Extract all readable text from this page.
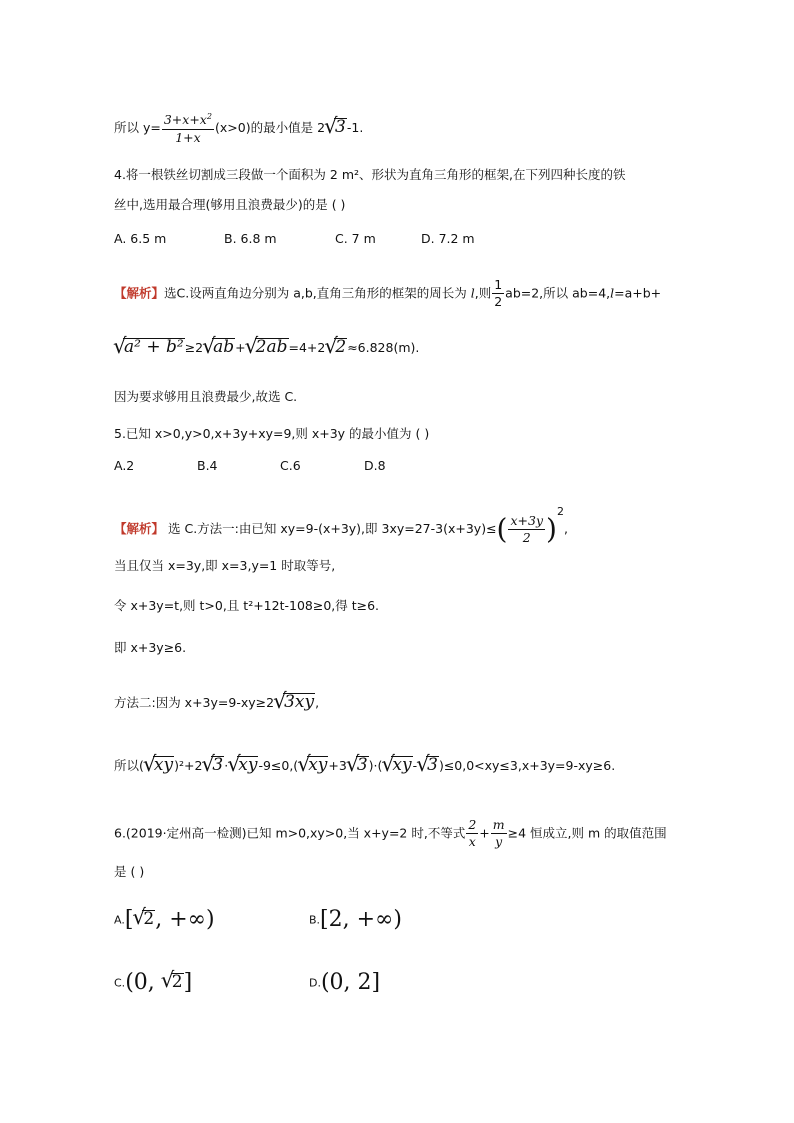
所以 $y= \frac{3+x+x^2}{1+x} (x>0)$的最小值是 2 √ 3-1.
4.将一根铁丝切割成三段做一个面积为 2 m²、形状为直角三角形的框架,在下列四种长度的铁
丝中,选用最合理(够用且浪费最少)的是 ( )
A. 6.5 m	B. 6.8 m	C. 7 m	D. 7.2 m
【解析】选C.设两直角边分别为 a,b,直角三角形的框架的周长为 l,则 $\frac{1}{2} ab=2$,所以 ab=4,l=a+b+
√ a² + b²≥2 √ ab+ √ 2ab=4+2 √ 2≈6.828(m).
因为要求够用且浪费最少,故选 C.
5.已知 x>0,y>0,x+3y+xy=9,则 x+3y 的最小值为 ( )
A.2	B.4	C.6	D.8
【解析】 选 C.方法一:由已知 xy=9-(x+3y),即 $3xy=27-3(x+3y)\le( \frac{x+3y}{2} )2$,
当且仅当 x=3y,即 x=3,y=1 时取等号,
令 x+3y=t,则 t>0,且 t²+12t-108≥0,得 t≥6.
即 x+3y≥6.
方法二:因为 x+3y=9-xy≥2 √ 3xy,
所以( √ xy)²+2 √ 3· √ xy-9≤0,( √ xy+3 √ 3)·( √ xy- √ 3)≤0,0<xy≤3,x+3y=9-xy≥6.
6.(2019·定州高一检测)已知 m>0,xy>0,当 x+y=2 时,不等式 $\frac{2}{x} + \frac{m}{y} \ge 4$ 恒成立,则 m 的取值范围
是 ( )
A.[ √ 2, +∞)	B.[2, +∞)
C.(0, √ 2]	D.(0, 2]
